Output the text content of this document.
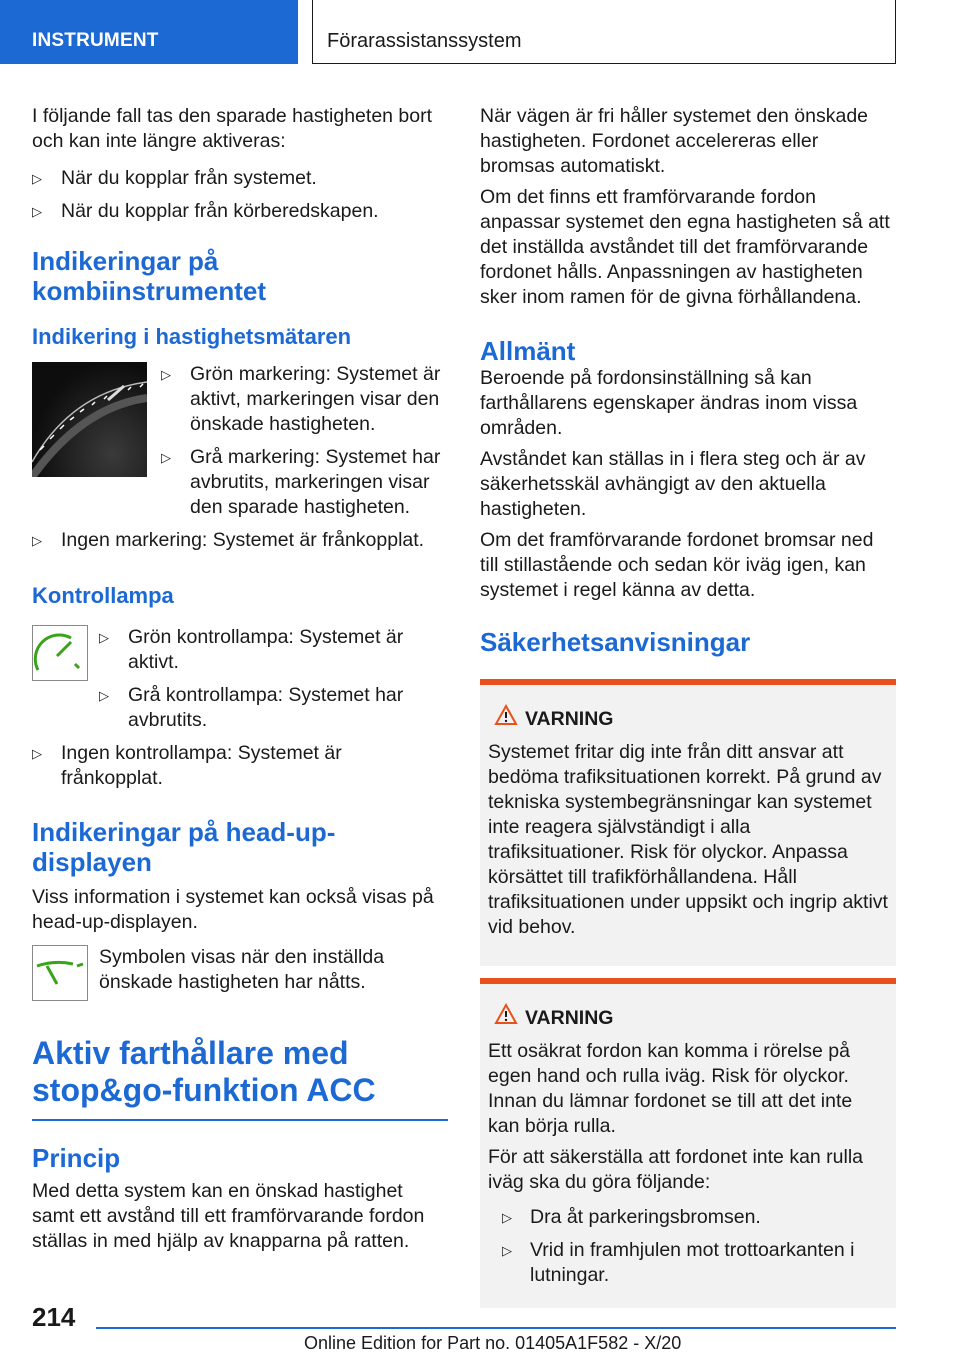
INSTRUMENT	Förarassistanssystem

I följande fall tas den sparade hastigheten bort och kan inte längre aktiveras:

▷ När du kopplar från systemet.
▷ När du kopplar från körberedskapen.
Indikeringar på kombiinstrumentet
Indikering i hastighetsmätaren
▷ Grön markering: Systemet är aktivt, markeringen visar den önskade hastigheten.
▷ Grå markering: Systemet har avbrutits, markeringen visar den sparade hastigheten.
▷ Ingen markering: Systemet är frånkopplat.
Kontrollampa
▷ Grön kontrollampa: Systemet är aktivt.
▷ Grå kontrollampa: Systemet har avbrutits.
▷ Ingen kontrollampa: Systemet är frånkopplat.
Indikeringar på head-up-displayen

Viss information i systemet kan också visas på head-up-displayen.

Symbolen visas när den inställda önskade hastigheten har nåtts.

Aktiv farthållare med stop&go-funktion ACC
Princip

Med detta system kan en önskad hastighet samt ett avstånd till ett framförvarande fordon ställas in med hjälp av knapparna på ratten.

När vägen är fri håller systemet den önskade hastigheten. Fordonet accelereras eller bromsas automatiskt.

Om det finns ett framförvarande fordon anpassar systemet den egna hastigheten så att det inställda avståndet till det framförvarande fordonet hålls. Anpassningen av hastigheten sker inom ramen för de givna förhållandena.

Allmänt

Beroende på fordonsinställning så kan farthållarens egenskaper ändras inom vissa områden.

Avståndet kan ställas in i flera steg och är av säkerhetsskäl avhängigt av den aktuella hastigheten.

Om det framförvarande fordonet bromsar ned till stillastående och sedan kör iväg igen, kan systemet i regel känna av detta.

Säkerhetsanvisningar
VARNING

Systemet fritar dig inte från ditt ansvar att bedöma trafiksituationen korrekt. På grund av tekniska systembegränsningar kan systemet inte reagera självständigt i alla trafiksituationer. Risk för olyckor. Anpassa körsättet till trafikförhållandena. Håll trafiksituationen under uppsikt och ingrip aktivt vid behov.

VARNING

Ett osäkrat fordon kan komma i rörelse på egen hand och rulla iväg. Risk för olyckor. Innan du lämnar fordonet se till att det inte kan börja rulla.

För att säkerställa att fordonet inte kan rulla iväg ska du göra följande:

▷ Dra åt parkeringsbromsen.
▷ Vrid in framhjulen mot trottoarkanten i lutningar.
214
Online Edition for Part no. 01405A1F582 - X/20
